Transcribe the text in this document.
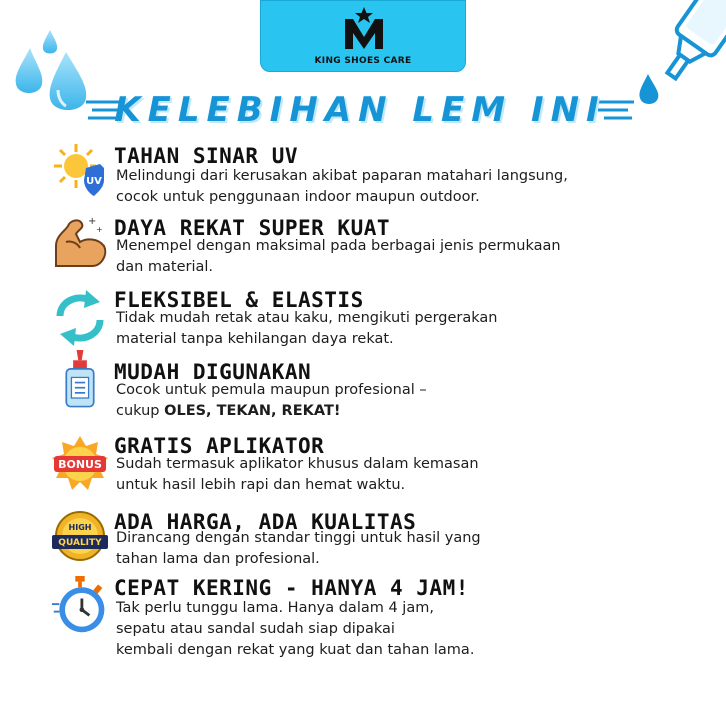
KING SHOES CARE
KELEBIHAN LEM INI
UV
TAHAN SINAR UV
Melindungi dari kerusakan akibat paparan matahari langsung,
cocok untuk penggunaan indoor maupun outdoor.
+
+ DAYA REKAT SUPER KUAT
Menempel dengan maksimal pada berbagai jenis permukaan
dan material.
FLEKSIBEL & ELASTIS
Tidak mudah retak atau kaku, mengikuti pergerakan
material tanpa kehilangan daya rekat.
MUDAH DIGUNAKAN
Cocok untuk pemula maupun profesional –
cukup OLES, TEKAN, REKAT!
BONUS
GRATIS APLIKATOR
Sudah termasuk aplikator khusus dalam kemasan
untuk hasil lebih rapi dan hemat waktu.
HIGH
QUALITY
ADA HARGA, ADA KUALITAS
Dirancang dengan standar tinggi untuk hasil yang
tahan lama dan profesional.
CEPAT KERING - HANYA 4 JAM!
Tak perlu tunggu lama. Hanya dalam 4 jam,
sepatu atau sandal sudah siap dipakai
kembali dengan rekat yang kuat dan tahan lama.
